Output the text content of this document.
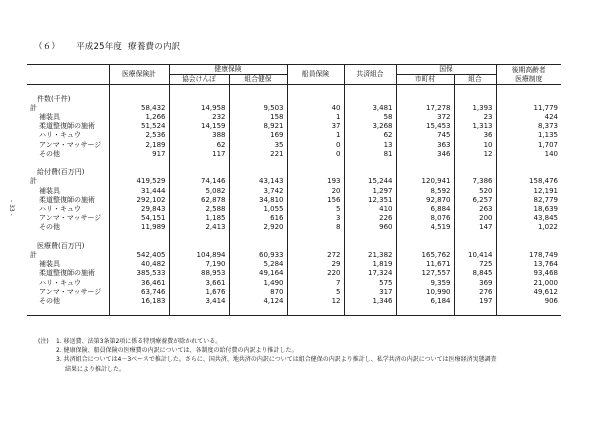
- 33 -
（６） 平成25年度 療養費の内訳
	医療保険計	健康保険		船員保険	共済組合	国保		後期高齢者
医療制度

		協会けんぽ	組合健保			市町村	組合	

件数(千件)								
計	58,432	14,958	9,503	40	3,481	17,278	1,393	11,779
補装具	1,266	232	158	1	58	372	23	424
柔道整復師の施術	51,524	14,159	8,921	37	3,268	15,453	1,313	8,373
ハリ・キュウ	2,536	388	169	1	62	745	36	1,135
アンマ・マッサージ	2,189	62	35	0	13	363	10	1,707
その他	917	117	221	0	81	346	12	140

給付費(百万円)								
計	419,529	74,146	43,143	193	15,244	120,941	7,386	158,476
補装具	31,444	5,082	3,742	20	1,297	8,592	520	12,191
柔道整復師の施術	292,102	62,878	34,810	156	12,351	92,870	6,257	82,779
ハリ・キュウ	29,843	2,588	1,055	5	410	6,884	263	18,639
アンマ・マッサージ	54,151	1,185	616	3	226	8,076	200	43,845
その他	11,989	2,413	2,920	8	960	4,519	147	1,022

医療費(百万円)								
計	542,405	104,894	60,933	272	21,382	165,762	10,414	178,749
補装具	40,482	7,190	5,284	29	1,819	11,671	725	13,764
柔道整復師の施術	385,533	88,953	49,164	220	17,324	127,557	8,845	93,468
ハリ・キュウ	36,461	3,661	1,490	7	575	9,359	369	21,000
アンマ・マッサージ	63,746	1,676	870	5	317	10,990	276	49,612
その他	16,183	3,414	4,124	12	1,346	6,184	197	906

(注)	1. 移送費、法第3条第2項に係る特別療養費が除かれている。
2. 健康保険、船員保険の医療費の内訳については、各制度の給付費の内訳より推計した。
3. 共済組合については4－3ベースで推計した。さらに、国共済、地共済の内訳については組合健保の内訳より推計し、私学共済の内訳については医療経済実態調査
結果により推計した。
